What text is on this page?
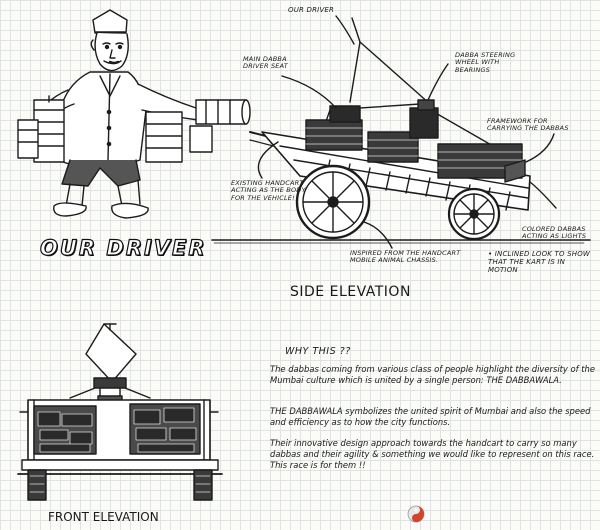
OUR DRIVER
MAIN DABBA DRIVER SEAT
DABBA STEERING WHEEL WITH BEARINGS
FRAMEWORK FOR CARRYING THE DABBAS
EXISTING HANDCART ACTING AS THE BODY FOR THE VEHICLE!
INSPIRED FROM THE HANDCART MOBILE ANIMAL CHASSIS.
COLORED DABBAS ACTING AS LIGHTS
• INCLINED LOOK TO SHOW THAT THE KART IS IN MOTION
OUR DRIVER
SIDE ELEVATION
FRONT ELEVATION
WHY THIS ??
The dabbas coming from various class of people highlight the diversity of the Mumbai culture which is united by a single person: THE DABBAWALA.
THE DABBAWALA symbolizes the united spirit of Mumbai and also the speed and efficiency as to how the city functions.
Their innovative design approach towards the handcart to carry so many dabbas and their agility & something we would like to represent on this race. This race is for them !!
